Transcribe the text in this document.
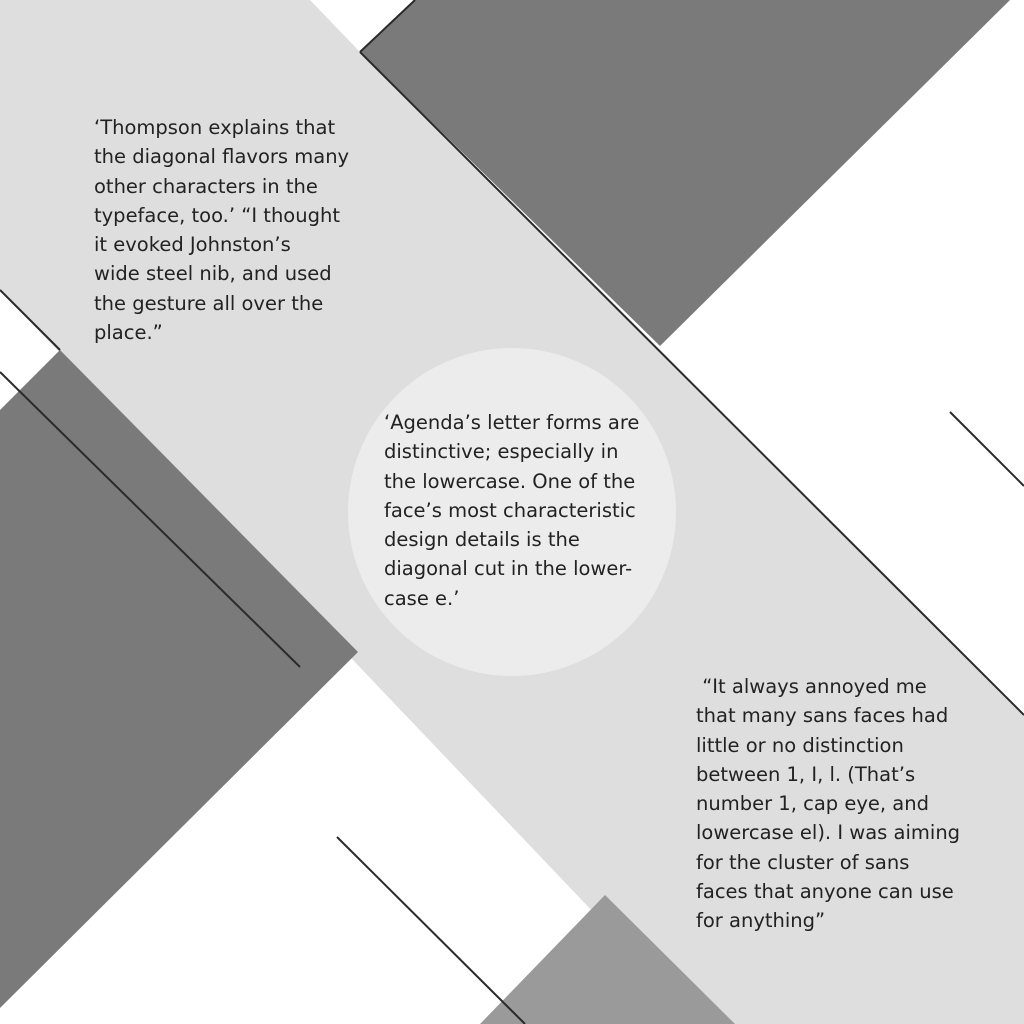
‘Thompson explains that
the diagonal flavors many
other characters in the
typeface, too.’ “I thought
it evoked Johnston’s
wide steel nib, and used
the gesture all over the
place.”
‘Agenda’s letter forms are
distinctive; especially in
the lowercase. One of the
face’s most characteristic
design details is the
diagonal cut in the lower-
case e.’
“It always annoyed me
that many sans faces had
little or no distinction
between 1, I, l. (That’s
number 1, cap eye, and
lowercase el). I was aiming
for the cluster of sans
faces that anyone can use
for anything”
